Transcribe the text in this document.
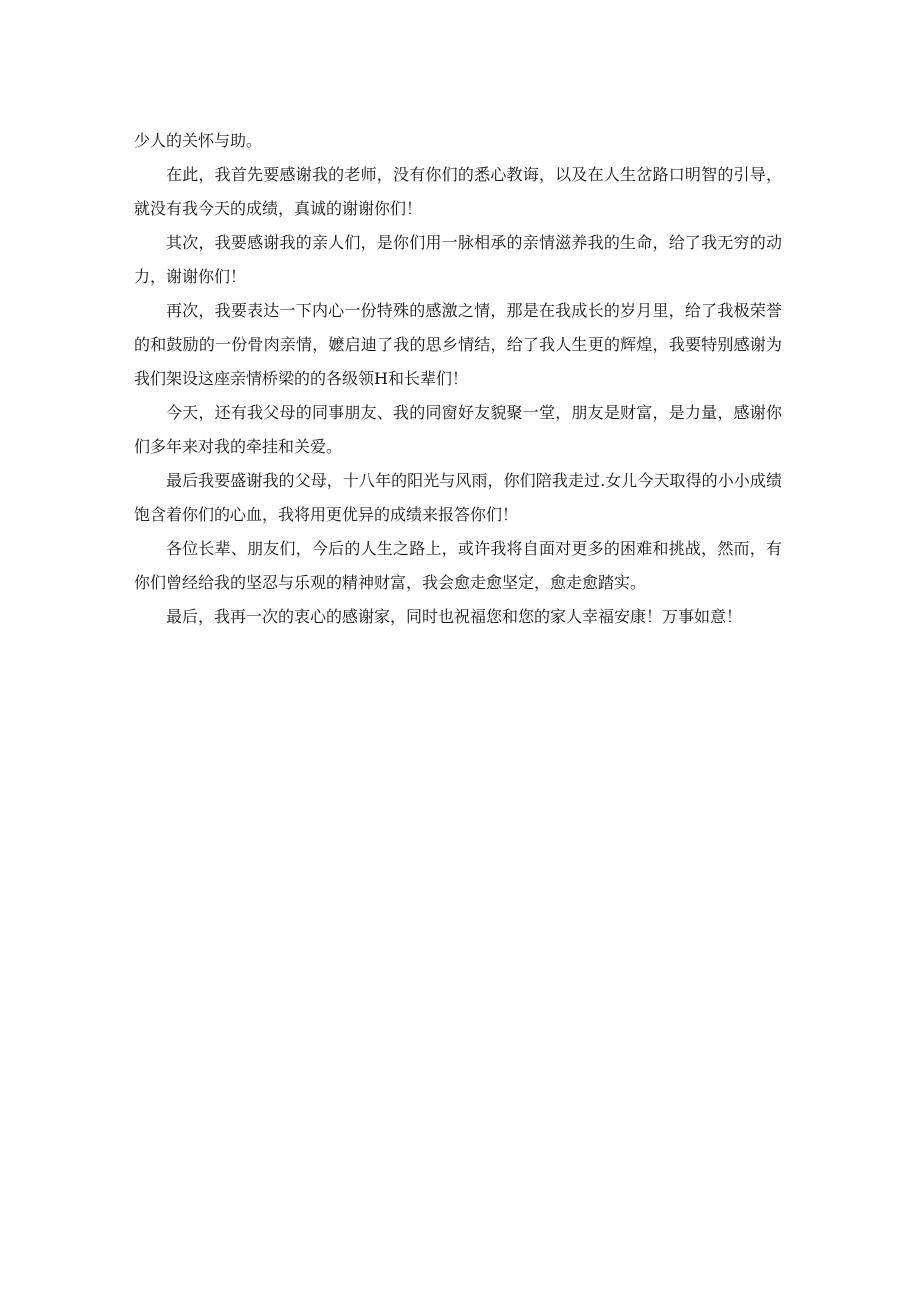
少人的关怀与助。

在此，我首先要感谢我的老师，没有你们的悉心教诲，以及在人生岔路口明智的引导，就没有我今天的成绩，真诚的谢谢你们！

其次，我要感谢我的亲人们，是你们用一脉相承的亲情滋养我的生命，给了我无穷的动力，谢谢你们！

再次，我要表达一下内心一份特殊的感激之情，那是在我成长的岁月里，给了我极荣誉的和鼓励的一份骨肉亲情，嬷启迪了我的思乡情结，给了我人生更的辉煌，我要特别感谢为我们架设这座亲情桥梁的的各级领H和长辈们！

今天，还有我父母的同事朋友、我的同窗好友貌聚一堂，朋友是财富，是力量，感谢你们多年来对我的牵挂和关爱。

最后我要盛谢我的父母，十八年的阳光与风雨，你们陪我走过.女儿今天取得的小小成绩饱含着你们的心血，我将用更优异的成绩来报答你们！

各位长辈、朋友们，今后的人生之路上，或许我将自面对更多的困难和挑战，然而，有你们曾经给我的坚忍与乐观的精神财富，我会愈走愈坚定，愈走愈踏实。

最后，我再一次的衷心的感谢家，同时也祝福您和您的家人幸福安康！万事如意！
